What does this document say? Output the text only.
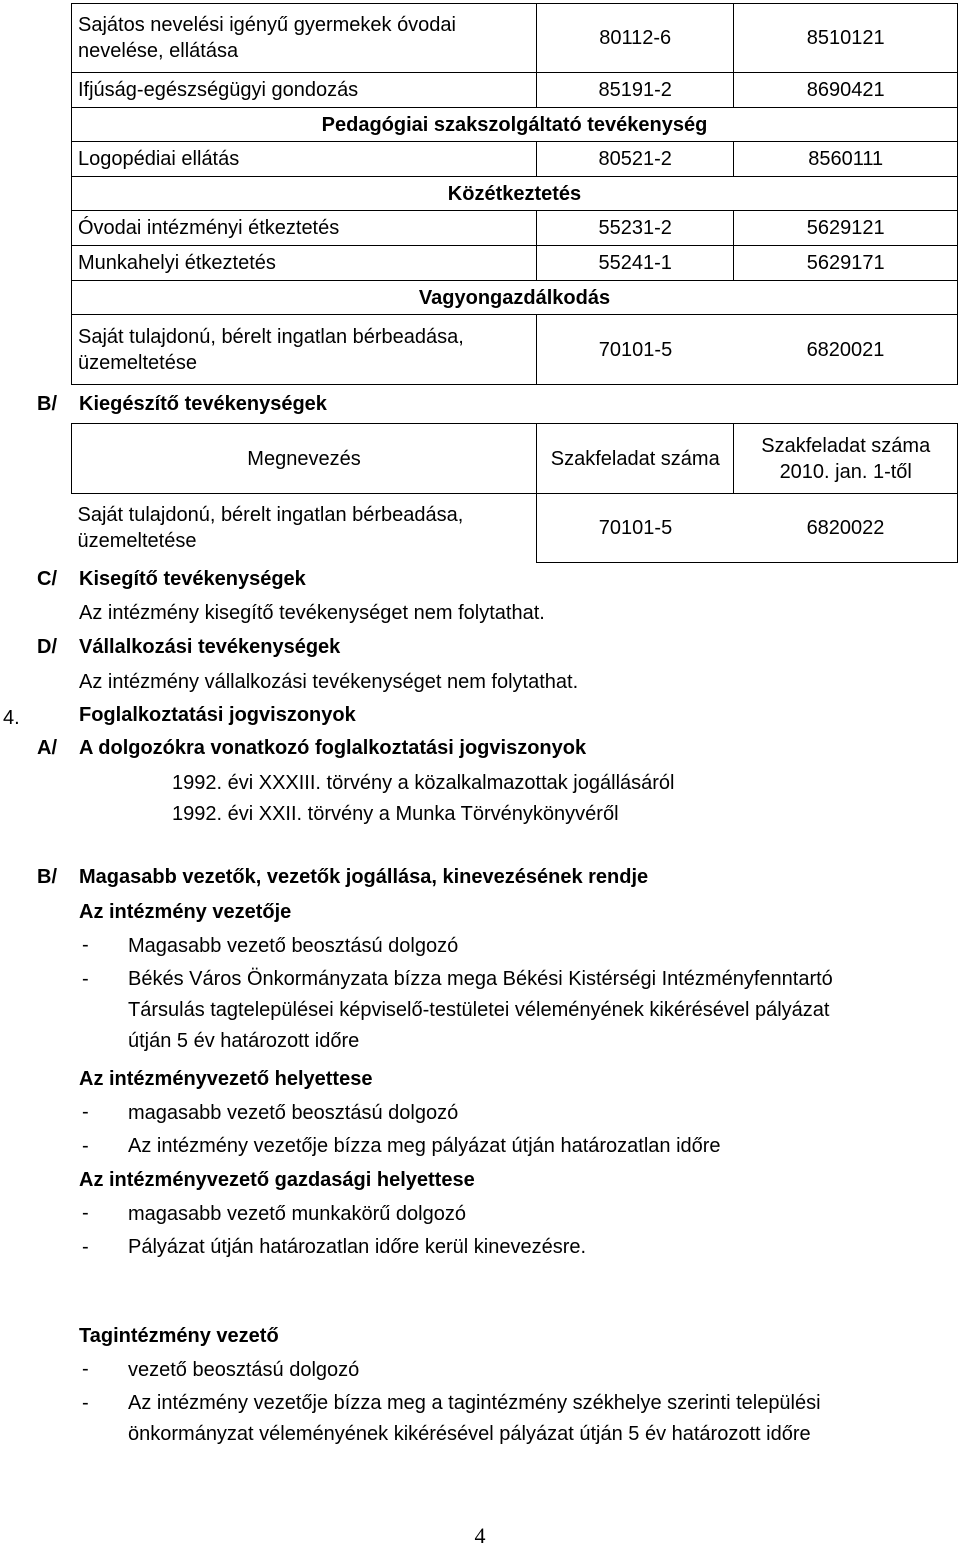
Sajátos nevelési igényű gyermekek óvodai nevelése, ellátása	80112-6	8510121
Ifjúság-egészségügyi gondozás	85191-2	8690421
Pedagógiai szakszolgáltató tevékenység		
Logopédiai ellátás	80521-2	8560111
Közétkeztetés		
Óvodai intézményi étkeztetés	55231-2	5629121
Munkahelyi étkeztetés	55241-1	5629171
Vagyongazdálkodás		
Saját tulajdonú, bérelt ingatlan bérbeadása, üzemeltetése	70101-5 6820021	
B/ Kiegészítő tevékenységek
Megnevezés	Szakfeladat száma	Szakfeladat száma 2010. jan. 1-től
Saját tulajdonú, bérelt ingatlan bérbeadása, üzemeltetése	70101-5 6820022	
C/ Kisegítő tevékenységek
Az intézmény kisegítő tevékenységet nem folytathat.
D/ Vállalkozási tevékenységek
Az intézmény vállalkozási tevékenységet nem folytathat.
4.	Foglalkoztatási jogviszonyok
A/ A dolgozókra vonatkozó foglalkoztatási jogviszonyok
1992. évi XXXIII. törvény a közalkalmazottak jogállásáról
1992. évi XXII. törvény a Munka Törvénykönyvéről
B/ Magasabb vezetők, vezetők jogállása, kinevezésének rendje
Az intézmény vezetője
- Magasabb vezető beosztású dolgozó
- Békés Város Önkormányzata bízza mega Békési Kistérségi Intézményfenntartó
Társulás tagtelepülései képviselő-testületei véleményének kikérésével pályázat
útján 5 év határozott időre
Az intézményvezető helyettese
- magasabb vezető beosztású dolgozó
- Az intézmény vezetője bízza meg pályázat útján határozatlan időre
Az intézményvezető gazdasági helyettese
- magasabb vezető munkakörű dolgozó
- Pályázat útján határozatlan időre kerül kinevezésre.
Tagintézmény vezető
- vezető beosztású dolgozó
- Az intézmény vezetője bízza meg a tagintézmény székhelye szerinti települési
önkormányzat véleményének kikérésével pályázat útján 5 év határozott időre
4
